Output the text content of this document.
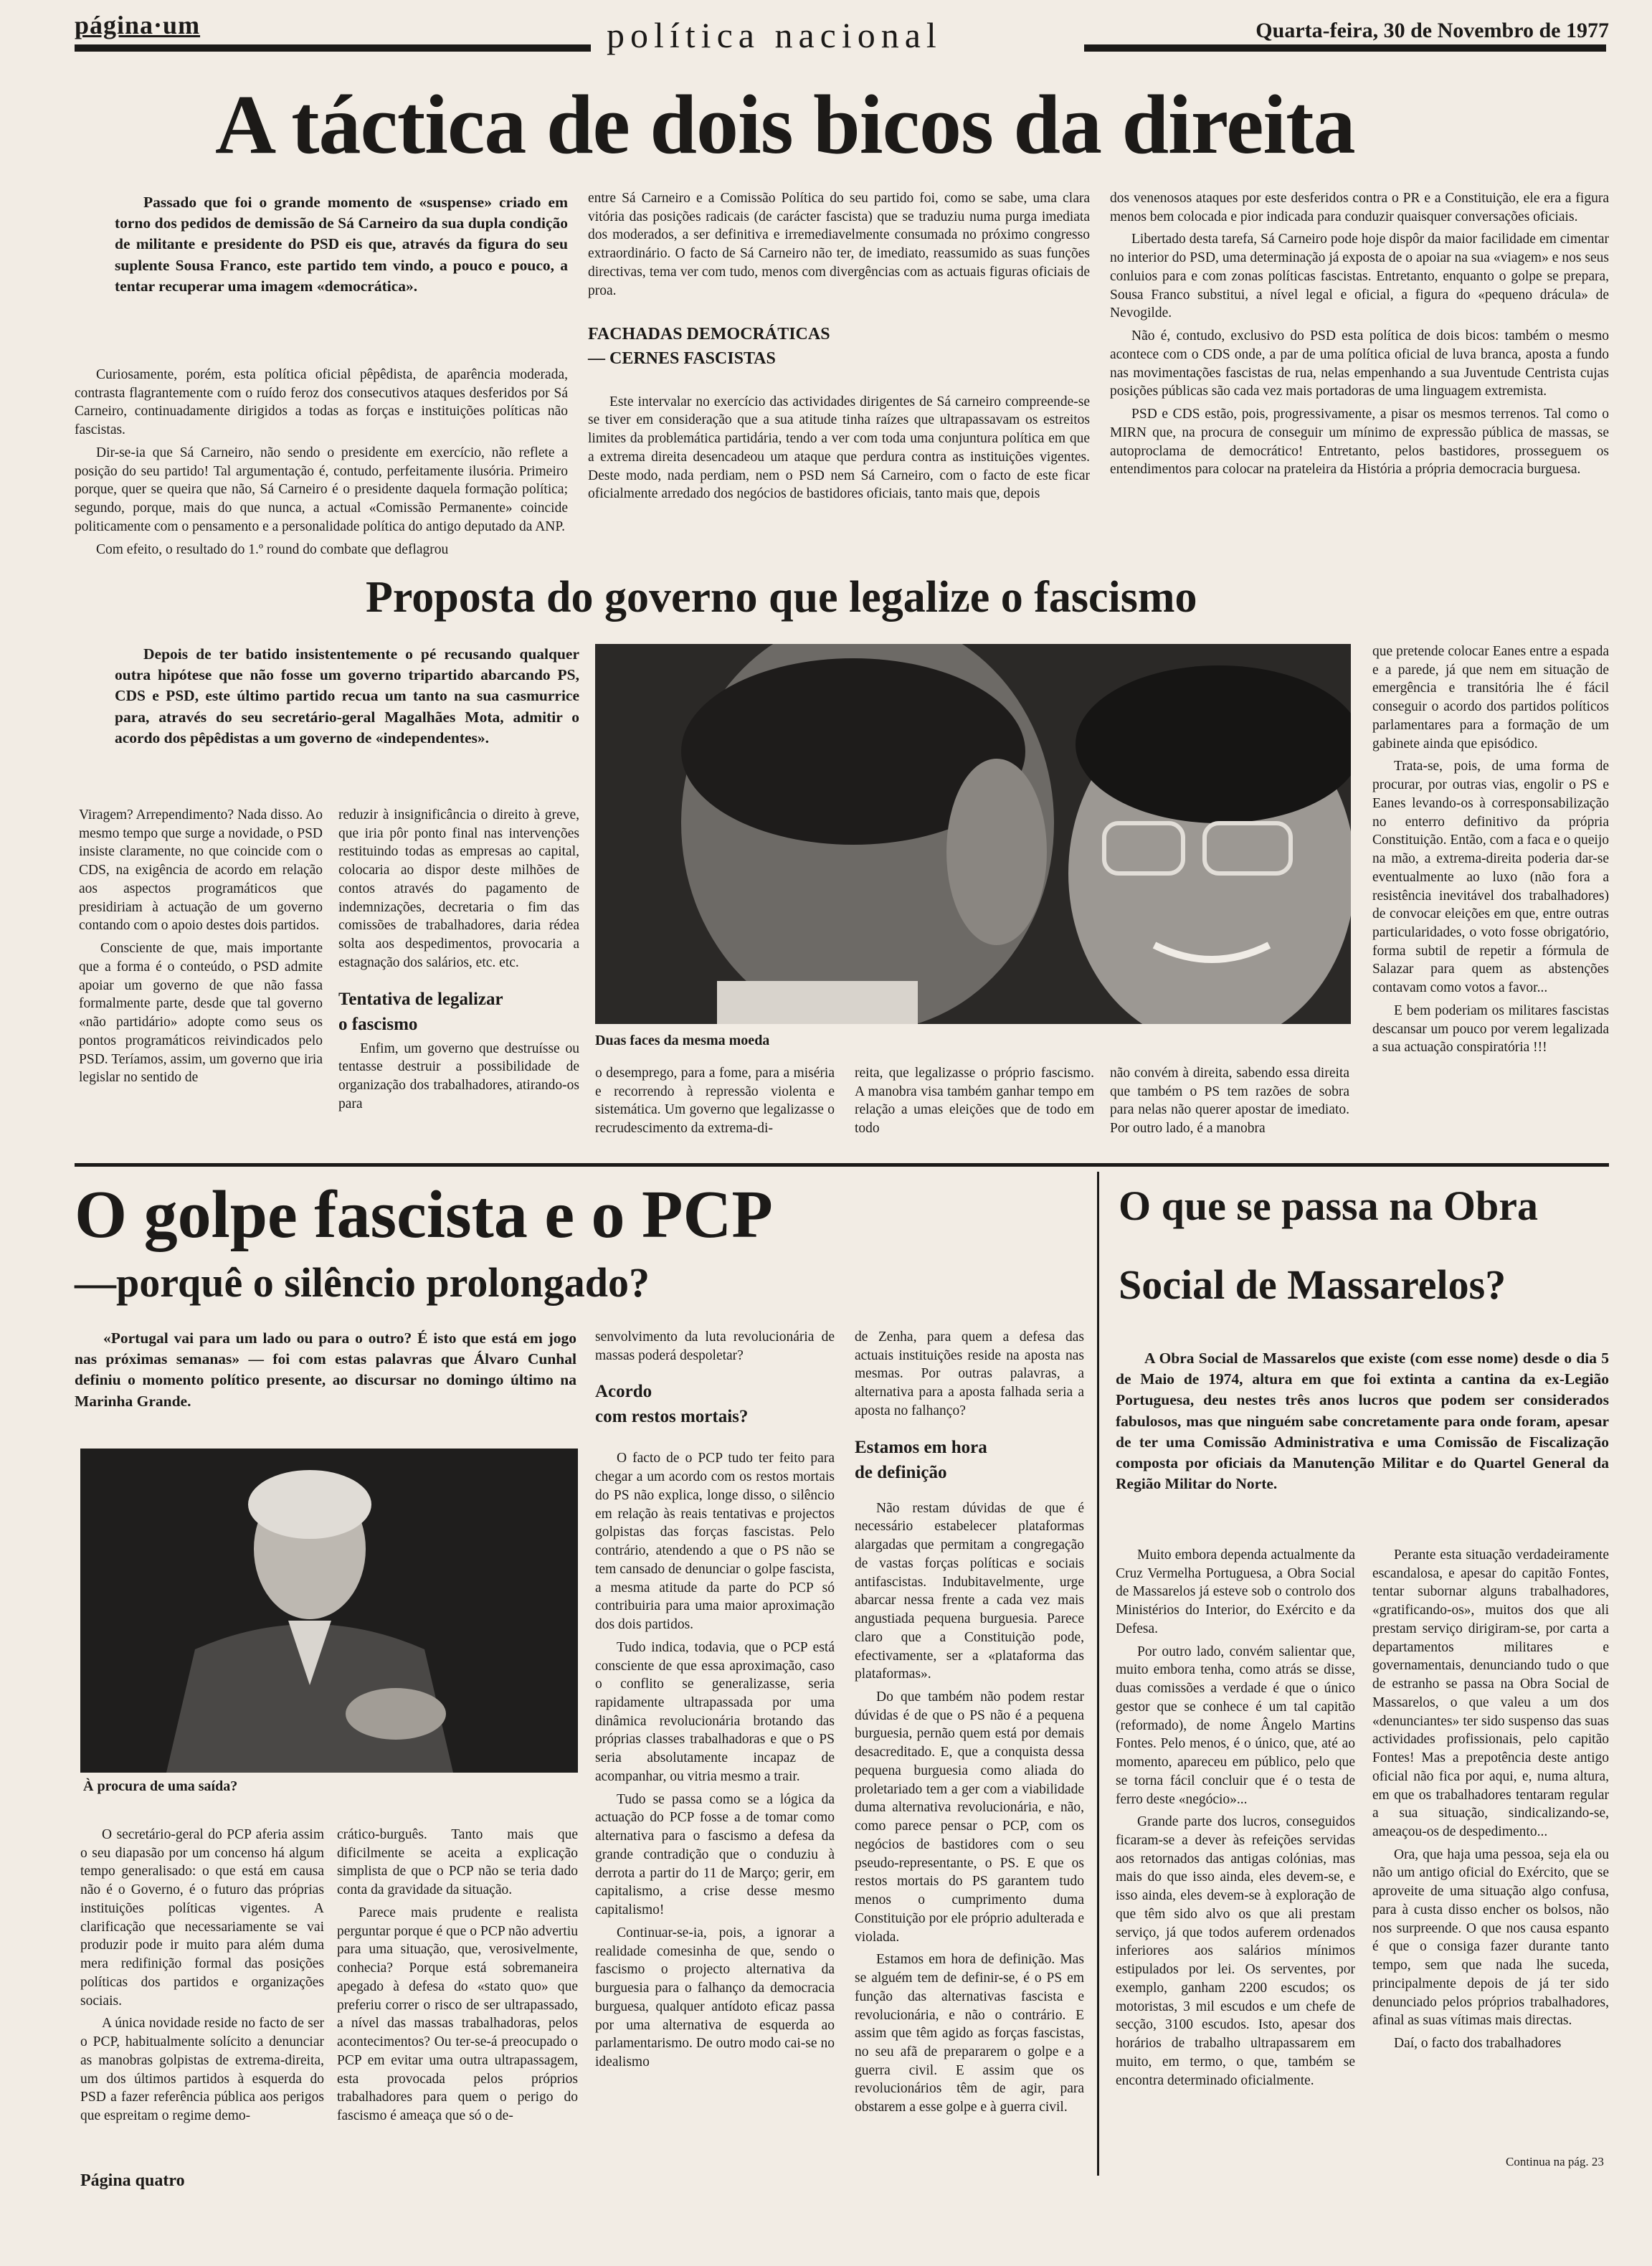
página·um	política nacional	Quarta-feira, 30 de Novembro de 1977
A táctica de dois bicos da direita

Passado que foi o grande momento de «suspense» criado em torno dos pedidos de demissão de Sá Carneiro da sua dupla condição de militante e presidente do PSD eis que, através da figura do seu suplente Sousa Franco, este partido tem vindo, a pouco e pouco, a tentar recuperar uma imagem «democrática».

Curiosamente, porém, esta política oficial pêpêdista, de aparência moderada, contrasta flagrantemente com o ruído feroz dos consecutivos ataques desferidos por Sá Carneiro, continuadamente dirigidos a todas as forças e instituições políticas não fascistas.

Dir-se-ia que Sá Carneiro, não sendo o presidente em exercício, não reflete a posição do seu partido! Tal argumentação é, contudo, perfeitamente ilusória. Primeiro porque, quer se queira que não, Sá Carneiro é o presidente daquela formação política; segundo, porque, mais do que nunca, a actual «Comissão Permanente» coincide politicamente com o pensamento e a personalidade política do antigo deputado da ANP.

Com efeito, o resultado do 1.º round do combate que deflagrou

entre Sá Carneiro e a Comissão Política do seu partido foi, como se sabe, uma clara vitória das posições radicais (de carácter fascista) que se traduziu numa purga imediata dos moderados, a ser definitiva e irremediavelmente consumada no próximo congresso extraordinário. O facto de Sá Carneiro não ter, de imediato, reassumido as suas funções directivas, tema ver com tudo, menos com divergências com as actuais figuras oficiais de proa.

FACHADAS DEMOCRÁTICAS
— CERNES FASCISTAS

Este intervalar no exercício das actividades dirigentes de Sá carneiro compreende-se se tiver em consideração que a sua atitude tinha raízes que ultrapassavam os estreitos limites da problemática partidária, tendo a ver com toda uma conjuntura política em que a extrema direita desencadeou um ataque que perdura contra as instituições vigentes. Deste modo, nada perdiam, nem o PSD nem Sá Carneiro, com o facto de este ficar oficialmente arredado dos negócios de bastidores oficiais, tanto mais que, depois

dos venenosos ataques por este desferidos contra o PR e a Constituição, ele era a figura menos bem colocada e pior indicada para conduzir quaisquer conversações oficiais.

Libertado desta tarefa, Sá Carneiro pode hoje dispôr da maior facilidade em cimentar no interior do PSD, uma determinação já exposta de o apoiar na sua «viagem» e nos seus conluios para e com zonas políticas fascistas. Entretanto, enquanto o golpe se prepara, Sousa Franco substitui, a nível legal e oficial, a figura do «pequeno drácula» de Nevogilde.

Não é, contudo, exclusivo do PSD esta política de dois bicos: também o mesmo acontece com o CDS onde, a par de uma política oficial de luva branca, aposta a fundo nas movimentações fascistas de rua, nelas empenhando a sua Juventude Centrista cujas posições públicas são cada vez mais portadoras de uma linguagem extremista.

PSD e CDS estão, pois, progressivamente, a pisar os mesmos terrenos. Tal como o MIRN que, na procura de conseguir um mínimo de expressão pública de massas, se autoproclama de democrático! Entretanto, pelos bastidores, prosseguem os entendimentos para colocar na prateleira da História a própria democracia burguesa.

Proposta do governo que legalize o fascismo

Depois de ter batido insistentemente o pé recusando qualquer outra hipótese que não fosse um governo tripartido abarcando PS, CDS e PSD, este último partido recua um tanto na sua casmurrice para, através do seu secretário-geral Magalhães Mota, admitir o acordo dos pêpêdistas a um governo de «independentes».

Viragem? Arrependimento? Nada disso. Ao mesmo tempo que surge a novidade, o PSD insiste claramente, no que coincide com o CDS, na exigência de acordo em relação aos aspectos programáticos que presidiriam à actuação de um governo contando com o apoio destes dois partidos.

Consciente de que, mais importante que a forma é o conteúdo, o PSD admite apoiar um governo de que não fassa formalmente parte, desde que tal governo «não partidário» adopte como seus os pontos programáticos reivindicados pelo PSD. Teríamos, assim, um governo que iria legislar no sentido de

reduzir à insignificância o direito à greve, que iria pôr ponto final nas intervenções restituindo todas as empresas ao capital, colocaria ao dispor deste milhões de contos através do pagamento de indemnizações, decretaria o fim das comissões de trabalhadores, daria rédea solta aos despedimentos, provocaria a estagnação dos salários, etc. etc.

Tentativa de legalizar
o fascismo

Enfim, um governo que destruísse ou tentasse destruir a possibilidade de organização dos trabalhadores, atirando-os para

Duas faces da mesma moeda

o desemprego, para a fome, para a miséria e recorrendo à repressão violenta e sistemática. Um governo que legalizasse o recrudescimento da extrema-di-

reita, que legalizasse o próprio fascismo. A manobra visa também ganhar tempo em relação a umas eleições que de todo em todo

não convém à direita, sabendo essa direita que também o PS tem razões de sobra para nelas não querer apostar de imediato. Por outro lado, é a manobra

que pretende colocar Eanes entre a espada e a parede, já que nem em situação de emergência e transitória lhe é fácil conseguir o acordo dos partidos políticos parlamentares para a formação de um gabinete ainda que episódico.

Trata-se, pois, de uma forma de procurar, por outras vias, engolir o PS e Eanes levando-os à corresponsabilização no enterro definitivo da própria Constituição. Então, com a faca e o queijo na mão, a extrema-direita poderia dar-se eventualmente ao luxo (não fora a resistência inevitável dos trabalhadores) de convocar eleições em que, entre outras particularidades, o voto fosse obrigatório, forma subtil de repetir a fórmula de Salazar para quem as abstenções contavam como votos a favor...

E bem poderiam os militares fascistas descansar um pouco por verem legalizada a sua actuação conspiratória !!!

O golpe fascista e o PCP
—porquê o silêncio prolongado?

«Portugal vai para um lado ou para o outro? É isto que está em jogo nas próximas semanas» — foi com estas palavras que Álvaro Cunhal definiu o momento político presente, ao discursar no domingo último na Marinha Grande.

À procura de uma saída?

O secretário-geral do PCP aferia assim o seu diapasão por um concenso há algum tempo generalisado: o que está em causa não é o Governo, é o futuro das próprias instituições políticas vigentes. A clarificação que necessariamente se vai produzir pode ir muito para além duma mera redifinição formal das posições políticas dos partidos e organizações sociais.

A única novidade reside no facto de ser o PCP, habitualmente solícito a denunciar as manobras golpistas de extrema-direita, um dos últimos partidos à esquerda do PSD a fazer referência pública aos perigos que espreitam o regime demo-

crático-burguês. Tanto mais que dificilmente se aceita a explicação simplista de que o PCP não se teria dado conta da gravidade da situação.

Parece mais prudente e realista perguntar porque é que o PCP não advertiu para uma situação, que, verosivelmente, conhecia? Porque está sobremaneira apegado à defesa do «stato quo» que preferiu correr o risco de ser ultrapassado, a nível das massas trabalhadoras, pelos acontecimentos? Ou ter-se-á preocupado o PCP em evitar uma outra ultrapassagem, esta provocada pelos próprios trabalhadores para quem o perigo do fascismo é ameaça que só o de-

senvolvimento da luta revolucionária de massas poderá despoletar?

Acordo
com restos mortais?

O facto de o PCP tudo ter feito para chegar a um acordo com os restos mortais do PS não explica, longe disso, o silêncio em relação às reais tentativas e projectos golpistas das forças fascistas. Pelo contrário, atendendo a que o PS não se tem cansado de denunciar o golpe fascista, a mesma atitude da parte do PCP só contribuiria para uma maior aproximação dos dois partidos.

Tudo indica, todavia, que o PCP está consciente de que essa aproximação, caso o conflito se generalizasse, seria rapidamente ultrapassada por uma dinâmica revolucionária brotando das próprias classes trabalhadoras e que o PS seria absolutamente incapaz de acompanhar, ou vitria mesmo a trair.

Tudo se passa como se a lógica da actuação do PCP fosse a de tomar como alternativa para o fascismo a defesa da grande contradição que o conduziu à derrota a partir do 11 de Março; gerir, em capitalismo, a crise desse mesmo capitalismo!

Continuar-se-ia, pois, a ignorar a realidade comesinha de que, sendo o fascismo o projecto alternativa da burguesia para o falhanço da democracia burguesa, qualquer antídoto eficaz passa por uma alternativa de esquerda ao parlamentarismo. De outro modo cai-se no idealismo

de Zenha, para quem a defesa das actuais instituições reside na aposta nas mesmas. Por outras palavras, a alternativa para a aposta falhada seria a aposta no falhanço?

Estamos em hora
de definição

Não restam dúvidas de que é necessário estabelecer plataformas alargadas que permitam a congregação de vastas forças políticas e sociais antifascistas. Indubitavelmente, urge abarcar nessa frente a cada vez mais angustiada pequena burguesia. Parece claro que a Constituição pode, efectivamente, ser a «plataforma das plataformas».

Do que também não podem restar dúvidas é de que o PS não é a pequena burguesia, pernão quem está por demais desacreditado. E, que a conquista dessa pequena burguesia como aliada do proletariado tem a ger com a viabilidade duma alternativa revolucionária, e não, como parece pensar o PCP, com os negócios de bastidores com o seu pseudo-representante, o PS. E que os restos mortais do PS garantem tudo menos o cumprimento duma Constituição por ele próprio adulterada e violada.

Estamos em hora de definição. Mas se alguém tem de definir-se, é o PS em função das alternativas fascista e revolucionária, e não o contrário. E assim que têm agido as forças fascistas, no seu afã de prepararem o golpe e a guerra civil. E assim que os revolucionários têm de agir, para obstarem a esse golpe e à guerra civil.

O que se passa na Obra
Social de Massarelos?

A Obra Social de Massarelos que existe (com esse nome) desde o dia 5 de Maio de 1974, altura em que foi extinta a cantina da ex-Legião Portuguesa, deu nestes três anos lucros que podem ser considerados fabulosos, mas que ninguém sabe concretamente para onde foram, apesar de ter uma Comissão Administrativa e uma Comissão de Fiscalização composta por oficiais da Manutenção Militar e do Quartel General da Região Militar do Norte.

Muito embora dependa actualmente da Cruz Vermelha Portuguesa, a Obra Social de Massarelos já esteve sob o controlo dos Ministérios do Interior, do Exército e da Defesa.

Por outro lado, convém salientar que, muito embora tenha, como atrás se disse, duas comissões a verdade é que o único gestor que se conhece é um tal capitão (reformado), de nome Ângelo Martins Fontes. Pelo menos, é o único, que, até ao momento, apareceu em público, pelo que se torna fácil concluir que é o testa de ferro deste «negócio»...

Grande parte dos lucros, conseguidos ficaram-se a dever às refeições servidas aos retornados das antigas colónias, mas mais do que isso ainda, eles devem-se, e isso ainda, eles devem-se à exploração de que têm sido alvo os que ali prestam serviço, já que todos auferem ordenados inferiores aos salários mínimos estipulados por lei. Os serventes, por exemplo, ganham 2200 escudos; os motoristas, 3 mil escudos e um chefe de secção, 3100 escudos. Isto, apesar dos horários de trabalho ultrapassarem em muito, em termo, o que, também se encontra determinado oficialmente.

Perante esta situação verdadeiramente escandalosa, e apesar do capitão Fontes, tentar subornar alguns trabalhadores, «gratificando-os», muitos dos que ali prestam serviço dirigiram-se, por carta a departamentos militares e governamentais, denunciando tudo o que de estranho se passa na Obra Social de Massarelos, o que valeu a um dos «denunciantes» ter sido suspenso das suas actividades profissionais, pelo capitão Fontes! Mas a prepotência deste antigo oficial não fica por aqui, e, numa altura, em que os trabalhadores tentaram regular a sua situação, sindicalizando-se, ameaçou-os de despedimento...

Ora, que haja uma pessoa, seja ela ou não um antigo oficial do Exército, que se aproveite de uma situação algo confusa, para à custa disso encher os bolsos, não nos surpreende. O que nos causa espanto é que o consiga fazer durante tanto tempo, sem que nada lhe suceda, principalmente depois de já ter sido denunciado pelos próprios trabalhadores, afinal as suas vítimas mais directas.

Daí, o facto dos trabalhadores

Continua na pág. 23
Página quatro
